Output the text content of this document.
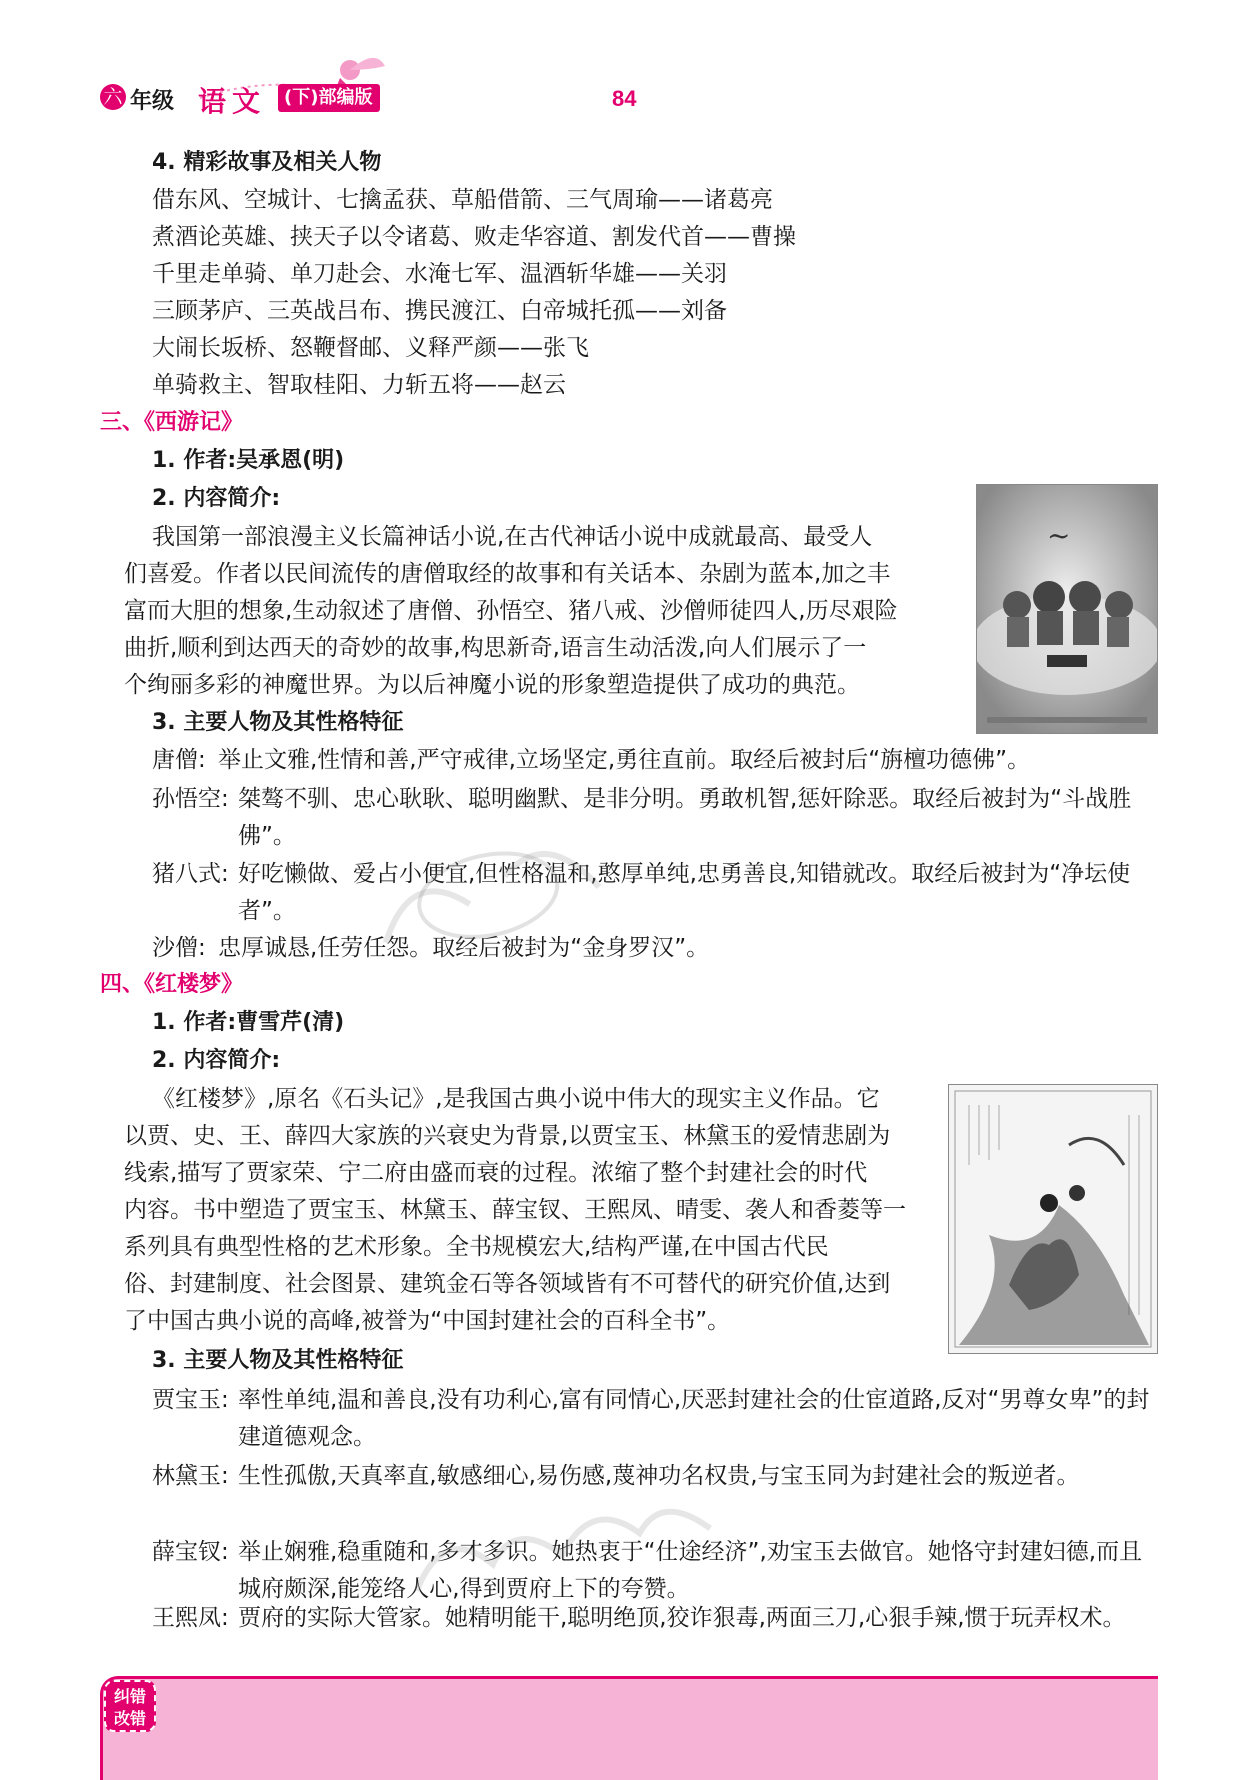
六 年级 语文 (下)部编版	84
4. 精彩故事及相关人物
借东风、空城计、七擒孟获、草船借箭、三气周瑜——诸葛亮
煮酒论英雄、挟天子以令诸葛、败走华容道、割发代首——曹操
千里走单骑、单刀赴会、水淹七军、温酒斩华雄——关羽
三顾茅庐、三英战吕布、携民渡江、白帝城托孤——刘备
大闹长坂桥、怒鞭督邮、义释严颜——张飞
单骑救主、智取桂阳、力斩五将——赵云
三、《西游记》
1. 作者:吴承恩(明)
2. 内容简介:
我国第一部浪漫主义长篇神话小说,在古代神话小说中成就最高、最受人
们喜爱。作者以民间流传的唐僧取经的故事和有关话本、杂剧为蓝本,加之丰
富而大胆的想象,生动叙述了唐僧、孙悟空、猪八戒、沙僧师徒四人,历尽艰险
曲折,顺利到达西天的奇妙的故事,构思新奇,语言生动活泼,向人们展示了一
个绚丽多彩的神魔世界。为以后神魔小说的形象塑造提供了成功的典范。
~
3. 主要人物及其性格特征
唐僧: 举止文雅,性情和善,严守戒律,立场坚定,勇往直前。取经后被封后“旃檀功德佛”。
孙悟空: 桀骜不驯、忠心耿耿、聪明幽默、是非分明。勇敢机智,惩奸除恶。取经后被封为“斗战胜佛”。
猪八式: 好吃懒做、爱占小便宜,但性格温和,憨厚单纯,忠勇善良,知错就改。取经后被封为“净坛使者”。
沙僧: 忠厚诚恳,任劳任怨。取经后被封为“金身罗汉”。
四、《红楼梦》
1. 作者:曹雪芹(清)
2. 内容简介:
《红楼梦》,原名《石头记》,是我国古典小说中伟大的现实主义作品。它
以贾、史、王、薛四大家族的兴衰史为背景,以贾宝玉、林黛玉的爱情悲剧为
线索,描写了贾家荣、宁二府由盛而衰的过程。浓缩了整个封建社会的时代
内容。书中塑造了贾宝玉、林黛玉、薛宝钗、王熙凤、晴雯、袭人和香菱等一
系列具有典型性格的艺术形象。全书规模宏大,结构严谨,在中国古代民
俗、封建制度、社会图景、建筑金石等各领域皆有不可替代的研究价值,达到
了中国古典小说的高峰,被誉为“中国封建社会的百科全书”。
3. 主要人物及其性格特征
贾宝玉: 率性单纯,温和善良,没有功利心,富有同情心,厌恶封建社会的仕宦道路,反对“男尊女卑”的封建道德观念。
林黛玉: 生性孤傲,天真率直,敏感细心,易伤感,蔑神功名权贵,与宝玉同为封建社会的叛逆者。
薛宝钗: 举止娴雅,稳重随和,多才多识。她热衷于“仕途经济”,劝宝玉去做官。她恪守封建妇德,而且城府颇深,能笼络人心,得到贾府上下的夸赞。
王熙凤: 贾府的实际大管家。她精明能干,聪明绝顶,狡诈狠毒,两面三刀,心狠手辣,惯于玩弄权术。
纠错
改错
